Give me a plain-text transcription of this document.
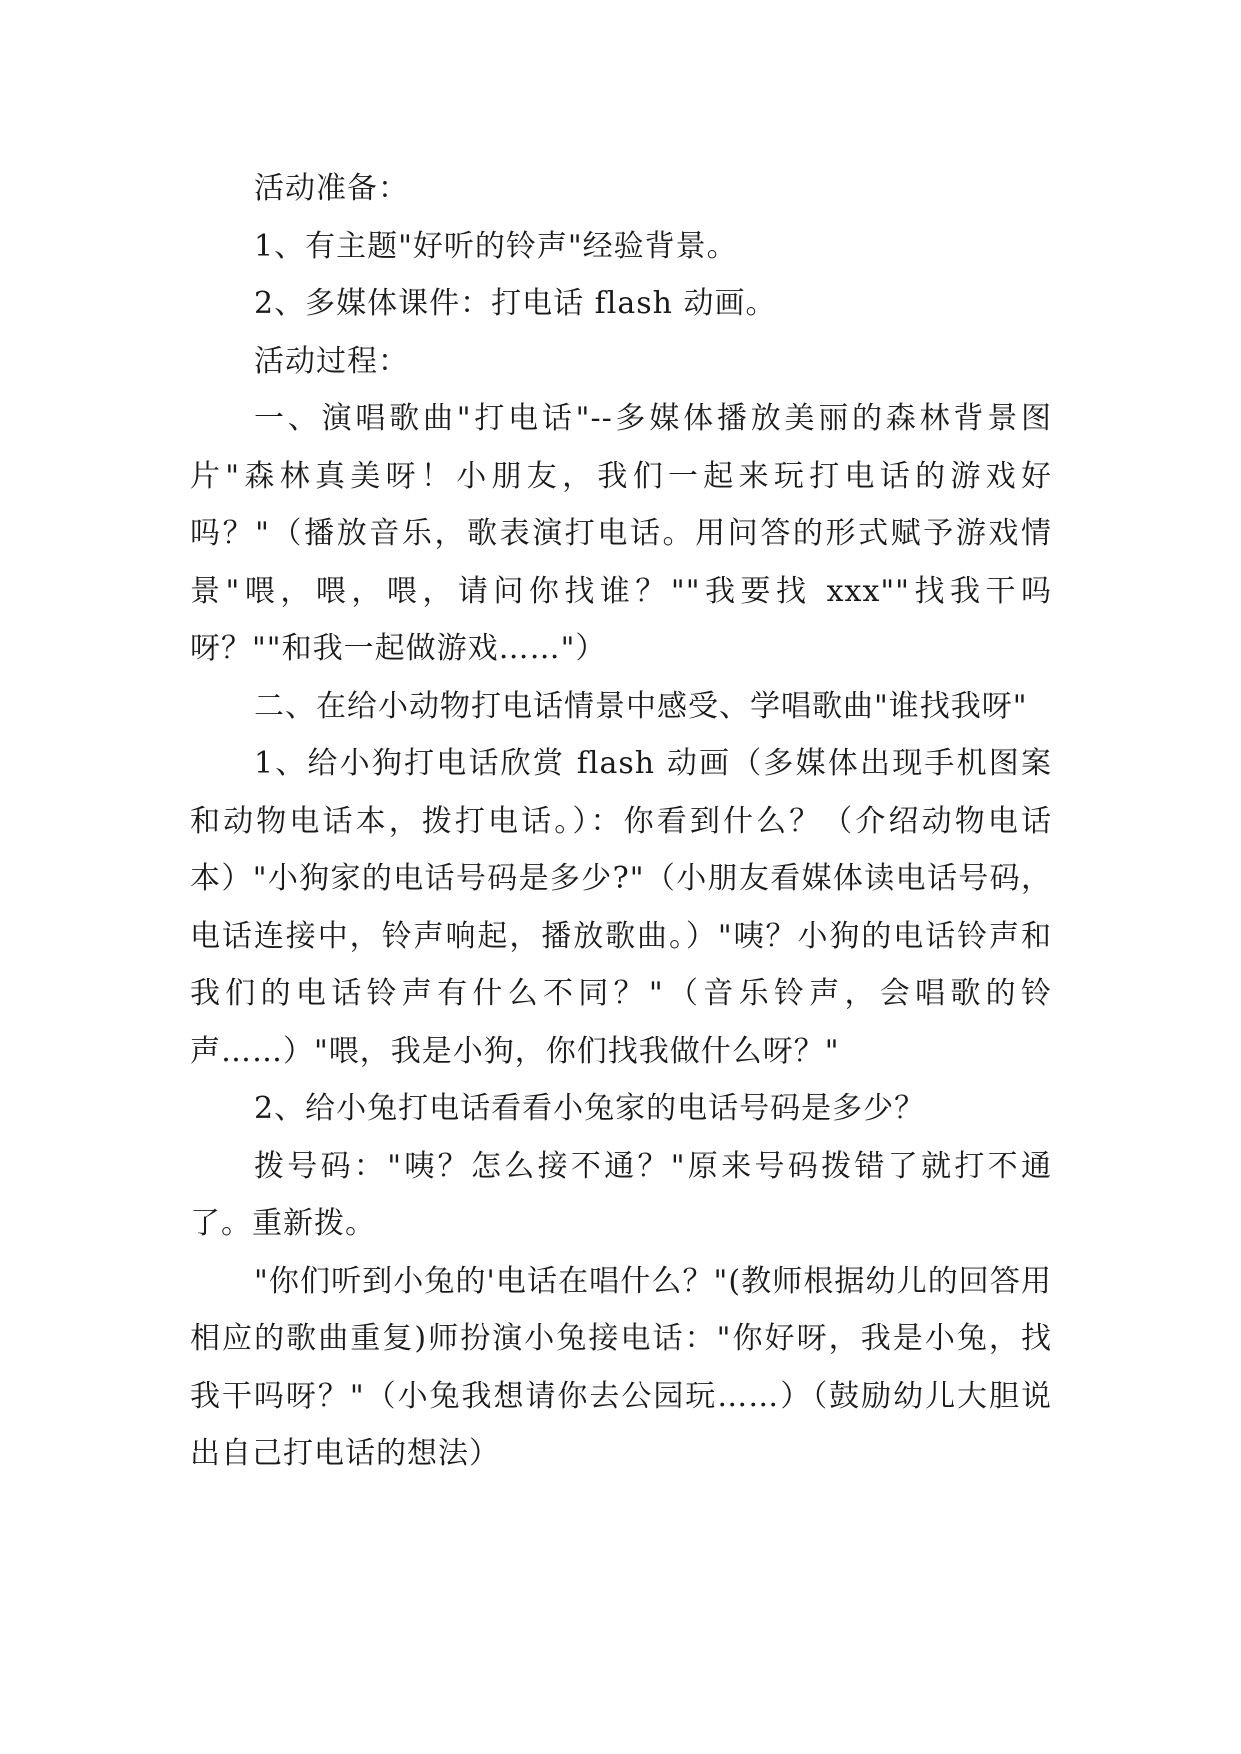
活动准备：

1、有主题"好听的铃声"经验背景。

2、多媒体课件：打电话 flash 动画。

活动过程：

一、演唱歌曲"打电话"--多媒体播放美丽的森林背景图片"森林真美呀！小朋友，我们一起来玩打电话的游戏好吗？"（播放音乐，歌表演打电话。用问答的形式赋予游戏情景"喂，喂，喂，请问你找谁？""我要找 xxx""找我干吗呀？""和我一起做游戏……"）

二、在给小动物打电话情景中感受、学唱歌曲"谁找我呀"

1、给小狗打电话欣赏 flash 动画（多媒体出现手机图案和动物电话本，拨打电话。）：你看到什么？（介绍动物电话本）"小狗家的电话号码是多少?"（小朋友看媒体读电话号码，电话连接中，铃声响起，播放歌曲。）"咦？小狗的电话铃声和我们的电话铃声有什么不同？"（音乐铃声，会唱歌的铃声……）"喂，我是小狗，你们找我做什么呀？"

2、给小兔打电话看看小兔家的电话号码是多少？

拨号码："咦？怎么接不通？"原来号码拨错了就打不通了。重新拨。

"你们听到小兔的'电话在唱什么？"(教师根据幼儿的回答用相应的歌曲重复)师扮演小兔接电话："你好呀，我是小兔，找我干吗呀？"（小兔我想请你去公园玩……）（鼓励幼儿大胆说出自己打电话的想法）
